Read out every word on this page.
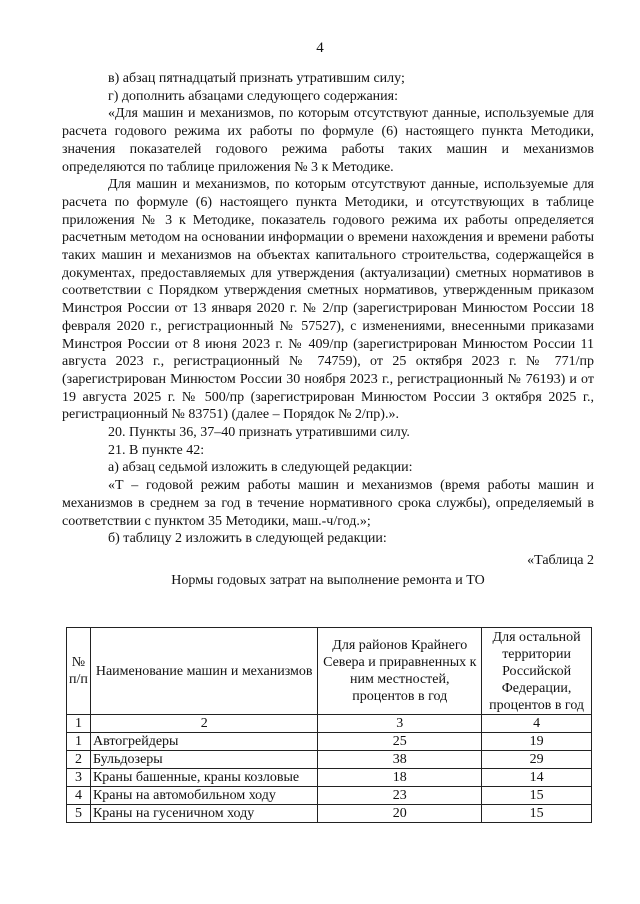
4

в) абзац пятнадцатый признать утратившим силу;

г) дополнить абзацами следующего содержания:

«Для машин и механизмов, по которым отсутствуют данные, используемые для расчета годового режима их работы по формуле (6) настоящего пункта Методики, значения показателей годового режима работы таких машин и механизмов определяются по таблице приложения № 3 к Методике.

Для машин и механизмов, по которым отсутствуют данные, используемые для расчета по формуле (6) настоящего пункта Методики, и отсутствующих в таблице приложения № 3 к Методике, показатель годового режима их работы определяется расчетным методом на основании информации о времени нахождения и времени работы таких машин и механизмов на объектах капитального строительства, содержащейся в документах, предоставляемых для утверждения (актуализации) сметных нормативов в соответствии с Порядком утверждения сметных нормативов, утвержденным приказом Минстроя России от 13 января 2020 г. № 2/пр (зарегистрирован Минюстом России 18 февраля 2020 г., регистрационный № 57527), с изменениями, внесенными приказами Минстроя России от 8 июня 2023 г. № 409/пр (зарегистрирован Минюстом России 11 августа 2023 г., регистрационный № 74759), от 25 октября 2023 г. № 771/пр (зарегистрирован Минюстом России 30 ноября 2023 г., регистрационный № 76193) и от 19 августа 2025 г. № 500/пр (зарегистрирован Минюстом России 3 октября 2025 г., регистрационный № 83751) (далее – Порядок № 2/пр).».

20. Пункты 36, 37–40 признать утратившими силу.

21. В пункте 42:

а) абзац седьмой изложить в следующей редакции:

«Т – годовой режим работы машин и механизмов (время работы машин и механизмов в среднем за год в течение нормативного срока службы), определяемый в соответствии с пунктом 35 Методики, маш.-ч/год.»;

б) таблицу 2 изложить в следующей редакции:

«Таблица 2
Нормы годовых затрат на выполнение ремонта и ТО
№ п/п	Наименование машин и механизмов	Для районов Крайнего Севера и приравненных к ним местностей, процентов в год	Для остальной территории Российской Федерации, процентов в год
1	2	3	4
1	Автогрейдеры	25	19
2	Бульдозеры	38	29
3	Краны башенные, краны козловые	18	14
4	Краны на автомобильном ходу	23	15
5	Краны на гусеничном ходу	20	15
